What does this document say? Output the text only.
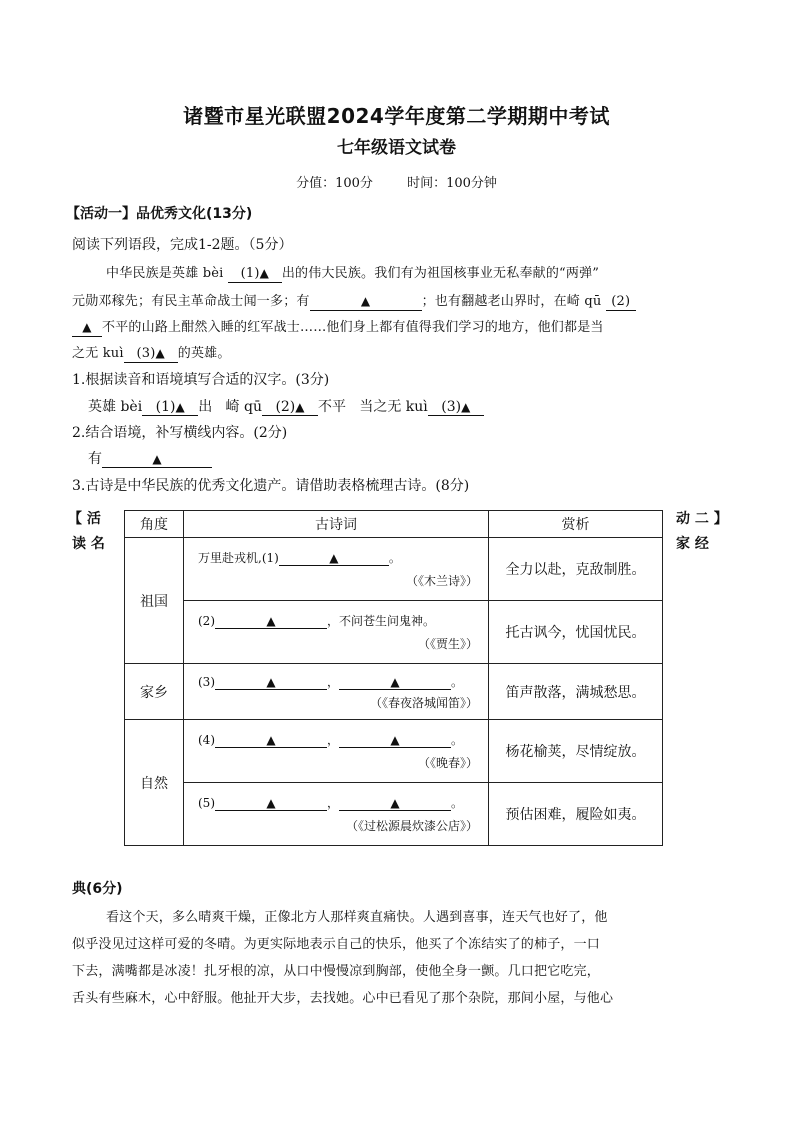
诸暨市星光联盟2024学年度第二学期期中考试
七年级语文试卷
分值：100分	时间：100分钟
【活动一】品优秀文化(13分)
阅读下列语段，完成1-2题。（5分）
中华民族是英雄 bèi (1)▲ 出的伟大民族。我们有为祖国核事业无私奉献的“两弹”
元勋邓稼先；有民主革命战士闻一多；有	▲	；也有翻越老山界时，在崎 qū (2)
▲ 不平的山路上酣然入睡的红军战士……他们身上都有值得我们学习的地方，他们都是当
之无 kuì (3)▲ 的英雄。
1.根据读音和语境填写合适的汉字。(3分)
英雄 bèi (1)▲ 出 崎 qū (2)▲ 不平 当之无 kuì (3)▲
2.结合语境，补写横线内容。(2分)
有	▲
3.古诗是中华民族的优秀文化遗产。请借助表格梳理古诗。(8分)
【 活
读 名
动 二 】
家 经
角度	古诗词	赏析
祖国	万里赴戎机,(1) ▲ 。
（《木兰诗》）	全力以赴，克敌制胜。

	(2) ▲ ，不问苍生问鬼神。
（《贾生》）	托古讽今，忧国忧民。
家乡	(3) ▲ ， ▲ 。
（《春夜洛城闻笛》）	笛声散落，满城愁思。
自然	(4) ▲ ， ▲ 。
（《晚春》）	杨花榆荚，尽情绽放。

	(5) ▲ ， ▲ 。
（《过松源晨炊漆公店》）	预估困难，履险如夷。
典(6分)
看这个天，多么晴爽干燥，正像北方人那样爽直痛快。人遇到喜事，连天气也好了，他
似乎没见过这样可爱的冬晴。为更实际地表示自己的快乐，他买了个冻结实了的柿子，一口
下去，满嘴都是冰凌！扎牙根的凉，从口中慢慢凉到胸部，使他全身一颤。几口把它吃完，
舌头有些麻木，心中舒服。他扯开大步，去找她。心中已看见了那个杂院，那间小屋，与他心
